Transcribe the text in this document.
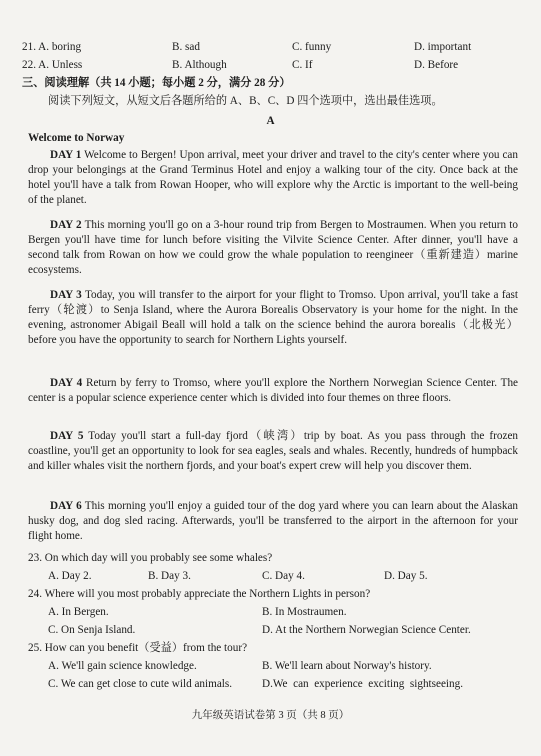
21. A. boring	B. sad	C. funny	D. important
22. A. Unless	B. Although	C. If	D. Before
三、阅读理解（共 14 小题；每小题 2 分，满分 28 分）
阅读下列短文，从短文后各题所给的 A、B、C、D 四个选项中，选出最佳选项。
A
Welcome to Norway
DAY 1 Welcome to Bergen! Upon arrival, meet your driver and travel to the city's center where you can drop your belongings at the Grand Terminus Hotel and enjoy a walking tour of the city. Once back at the hotel you'll have a talk from Rowan Hooper, who will explore why the Arctic is important to the well-being of the planet.
DAY 2 This morning you'll go on a 3-hour round trip from Bergen to Mostraumen. When you return to Bergen you'll have time for lunch before visiting the Vilvite Science Center. After dinner, you'll have a second talk from Rowan on how we could grow the whale population to reengineer（重新建造）marine ecosystems.
DAY 3 Today, you will transfer to the airport for your flight to Tromso. Upon arrival, you'll take a fast ferry（轮渡）to Senja Island, where the Aurora Borealis Observatory is your home for the night. In the evening, astronomer Abigail Beall will hold a talk on the science behind the aurora borealis（北极光）before you have the opportunity to search for Northern Lights yourself.
DAY 4 Return by ferry to Tromso, where you'll explore the Northern Norwegian Science Center. The center is a popular science experience center which is divided into four themes on three floors.
DAY 5 Today you'll start a full-day fjord（峡湾）trip by boat. As you pass through the frozen coastline, you'll get an opportunity to look for sea eagles, seals and whales. Recently, hundreds of humpback and killer whales visit the northern fjords, and your boat's expert crew will help you discover them.
DAY 6 This morning you'll enjoy a guided tour of the dog yard where you can learn about the Alaskan husky dog, and dog sled racing. Afterwards, you'll be transferred to the airport in the afternoon for your flight home.
23. On which day will you probably see some whales?
A. Day 2.	B. Day 3.	C. Day 4.	D. Day 5.
24. Where will you most probably appreciate the Northern Lights in person?
A. In Bergen.	B. In Mostraumen.
C. On Senja Island.	D. At the Northern Norwegian Science Center.
25. How can you benefit（受益）from the tour?
A. We'll gain science knowledge.	B. We'll learn about Norway's history.
C. We can get close to cute wild animals.	D.We  can  experience  exciting  sightseeing.
九年级英语试卷第 3 页（共 8 页）
